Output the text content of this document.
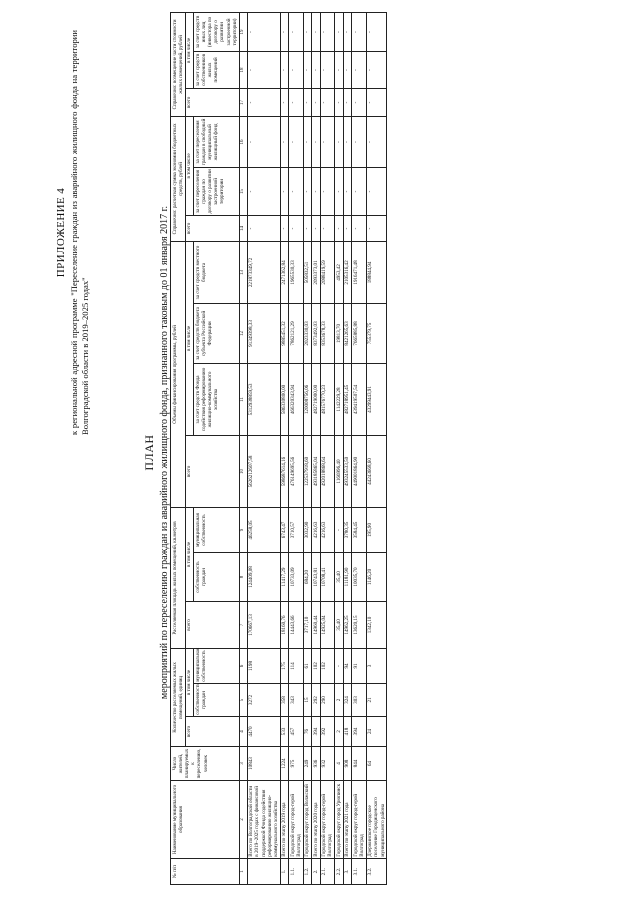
ПРИЛОЖЕНИЕ 4 к региональной адресной программе "Переселение граждан из аварийного жилищного фонда на территории Волгоградской области в 2019–2025 годах"
ПЛАН мероприятий по переселению граждан из аварийного жилищного фонда, признанного таковым до 01 января 2017 г.
№ п/п	Наименование муниципального образования	Число жителей, планируемых к переселению, человек	Количество расселяемых жилых помещений, единиц			Расселяемая площадь жилых помещений, кв.метров			Объемы финансирования программы, рублей				Справочно: расчетная сумма экономии бюджетных средств, рублей			Справочно: возмещение части стоимости жилых помещений, рублей		
			всего	в том числе		всего	в том числе		всего	в том числе			всего	в том числе		всего	в том числе	
				собственность граждан	муниципальная собственность		собственность граждан	муниципальная собственность		за счет средств Фонда содействия реформированию жилищно-коммунального хозяйства	за счет средств бюджета субъекта Российской Федерации	за счет средств местного бюджета		за счет переселения граждан по договору о развитии застроенной территории	за счет переселения граждан в свободный муниципальный жилищный фонд		за счет средств собственников жилых помещений	за счет средств иных лиц (инвестора по договору о развитии застроенной территории)
1	2	3	4	5	6	7	8	9	10	11	12	13	14	15	16	17	18	19
	Всего по Волгоградской области в 2019–2025 годах с финансовой поддержкой Фонда содействия реформированию жилищно-коммунального хозяйства	10843	4470	3272	1198	170667,13	124409,08	46258,05	5626212607,58	5312938859,53	91349398,33	221873349,72	-	-	-	-	-	-
1.	Всего по этапу 2019 года	1224	533	358	175	18160,76	11417,29	6743,47	598687614,16	586330800,00	9885451,32	2471362,84	-	-	-	-	-	-
1.1.	Городской округ город-герой Волгоград	975	457	343	114	14443,66	10733,09	3710,57	476149695,56	466320343,94	7862121,29	1965530,33	-	-	-	-	-	-
1.2.	Городской округ город Волжский	249	76	15	61	3717,10	684,20	3032,90	122537918,60	120008756,06	2023330,03	505832,51	-	-	-	-	-	-
2.	Всего по этапу 2020 года	936	394	292	102	14960,44	10743,81	4216,63	493185865,04	482719000,00	8373492,03	2093373,01	-	-	-	-	-	-
2.1.	Городской округ город-герой Волгоград	932	392	290	102	14925,04	10708,41	4216,63	492018868,64	481576770,23	8353678,33	2088419,59	-	-	-	-	-	-
2.2.	Городской округ город Урюпинск	4	2	2	-	35,40	35,40	-	1166996,40	1142229,28	19813,70	4953,42	-	-	-	-	-	-
3.	Всего по этапу 2021 года	908	418	324	94	14962,25	11181,90	3780,35	493245533,50	482718951,45	8421265,63	2105316,42	-	-	-	-	-	-
3.1.	Городской округ город-герой Волгоград	844	394	303	91	13620,15	10035,70	3584,45	449001864,90	439419507,54	7665885,88	1916471,48	-	-	-	-	-	-
3.2.	Дзержинское городское поселение Городищенского муниципального района	64	24	21	3	1342,10	1146,20	195,90	44243668,60	43299443,91	755379,75	188844,94	-	-	-	-	-	-
